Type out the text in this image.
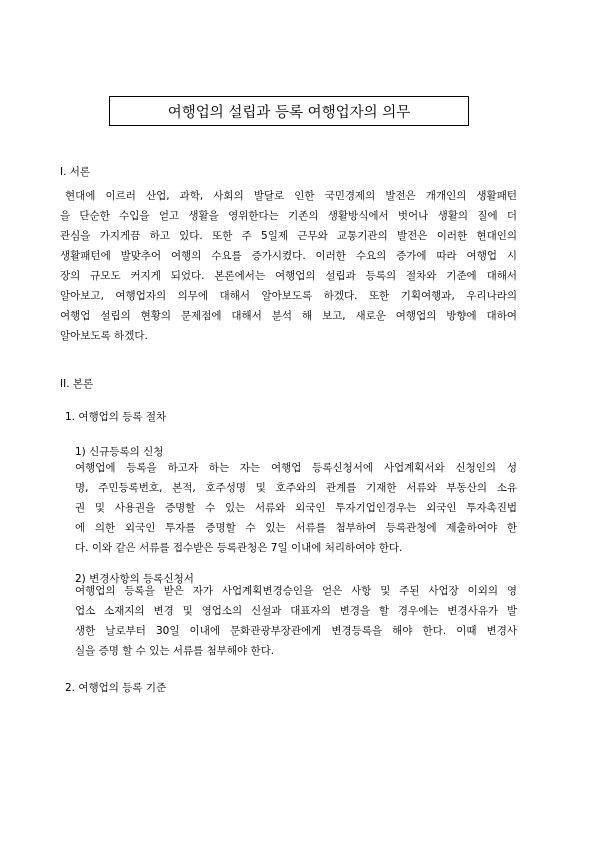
여행업의 설립과 등록 여행업자의 의무
I. 서론
현대에 이르러 산업, 과학, 사회의 발달로 인한 국민경제의 발전은 개개인의 생활패턴
을 단순한 수입을 얻고 생활을 영위한다는 기존의 생활방식에서 벗어나 생활의 질에 더
관심을 가지게끔 하고 있다. 또한 주 5일제 근무와 교통기관의 발전은 이러한 현대인의
생활패턴에 발맞추어 여행의 수요를 증가시켰다. 이러한 수요의 증가에 따라 여행업 시
장의 규모도 커지게 되었다. 본론에서는 여행업의 설립과 등록의 절차와 기준에 대해서
알아보고, 여행업자의 의무에 대해서 알아보도록 하겠다. 또한 기획여행과, 우리나라의
여행업 설립의 현황의 문제점에 대해서 분석 해 보고, 새로운 여행업의 방향에 대하여
알아보도록 하겠다.
II. 본론
1. 여행업의 등록 절차
1) 신규등록의 신청
여행업에 등록을 하고자 하는 자는 여행업 등록신청서에 사업계획서와 신청인의 성
명, 주민등록번호, 본적, 호주성명 및 호주와의 관계를 기재한 서류와 부동산의 소유
권 및 사용권을 증명할 수 있는 서류와 외국인 투자기업인경우는 외국인 투자촉진법
에 의한 외국인 투자를 증명할 수 있는 서류를 첨부하여 등록관청에 제출하여야 한
다. 이와 같은 서류를 접수받은 등록관청은 7일 이내에 처리하여야 한다.
2) 변경사항의 등록신청서
여행업의 등록을 받은 자가 사업계획변경승인을 얻은 사항 및 주된 사업장 이외의 영
업소 소재지의 변경 및 영업소의 신설과 대표자의 변경을 할 경우에는 변경사유가 발
생한 날로부터 30일 이내에 문화관광부장관에게 변경등록을 해야 한다. 이때 변경사
실을 증명 할 수 있는 서류를 첨부해야 한다.
2. 여행업의 등록 기준
